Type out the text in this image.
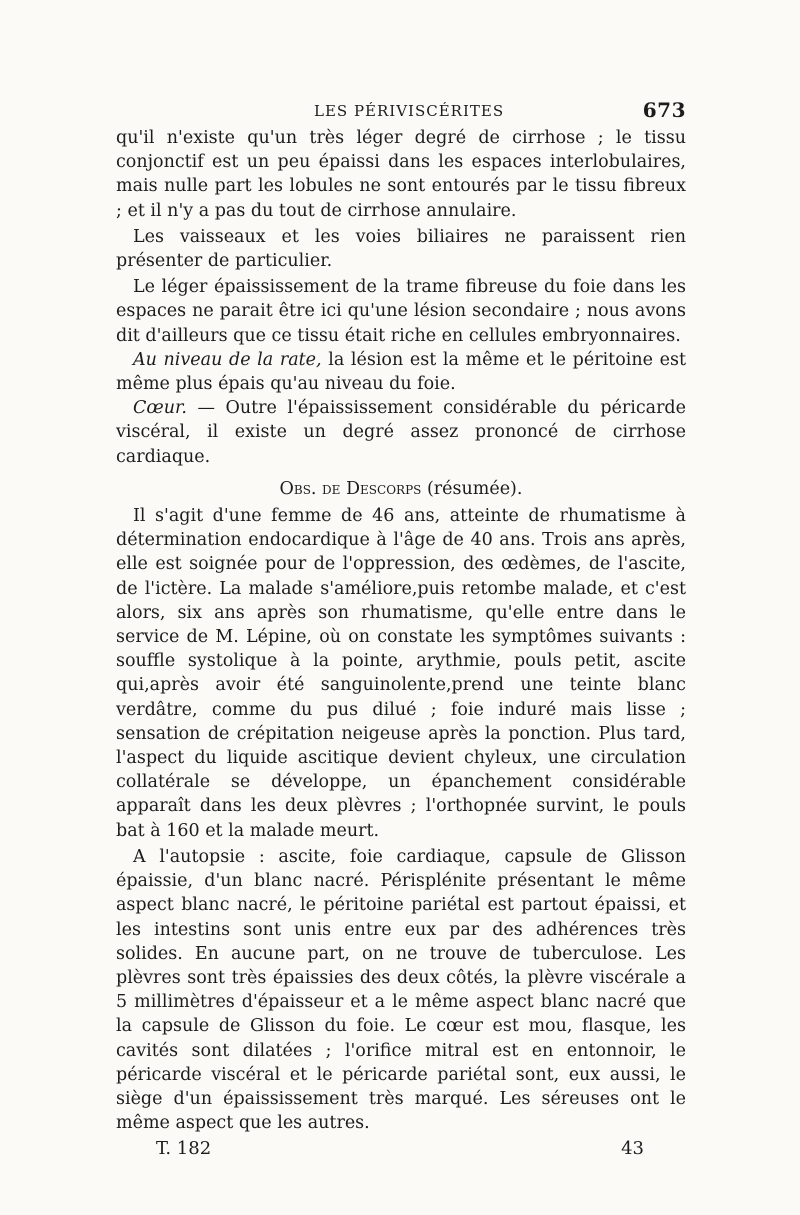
LES PÉRIVISCÉRITES	673

qu'il n'existe qu'un très léger degré de cirrhose ; le tissu conjonctif est un peu épaissi dans les espaces interlobulaires, mais nulle part les lobules ne sont entourés par le tissu fibreux ; et il n'y a pas du tout de cirrhose annulaire.

Les vaisseaux et les voies biliaires ne paraissent rien présenter de particulier.

Le léger épaississement de la trame fibreuse du foie dans les espaces ne parait être ici qu'une lésion secondaire ; nous avons dit d'ailleurs que ce tissu était riche en cellules embryonnaires.

Au niveau de la rate, la lésion est la même et le péritoine est même plus épais qu'au niveau du foie.

Cœur. — Outre l'épaississement considérable du péricarde viscéral, il existe un degré assez prononcé de cirrhose cardiaque.

Obs. de Descorps (résumée).

Il s'agit d'une femme de 46 ans, atteinte de rhumatisme à détermination endocardique à l'âge de 40 ans. Trois ans après, elle est soignée pour de l'oppression, des œdèmes, de l'ascite, de l'ictère. La malade s'améliore,puis retombe malade, et c'est alors, six ans après son rhumatisme, qu'elle entre dans le service de M. Lépine, où on constate les symptômes suivants : souffle systolique à la pointe, arythmie, pouls petit, ascite qui,après avoir été sanguinolente,prend une teinte blanc verdâtre, comme du pus dilué ; foie induré mais lisse ; sensation de crépitation neigeuse après la ponction. Plus tard, l'aspect du liquide ascitique devient chyleux, une circulation collatérale se développe, un épanchement considérable apparaît dans les deux plèvres ; l'orthopnée survint, le pouls bat à 160 et la malade meurt.

A l'autopsie : ascite, foie cardiaque, capsule de Glisson épaissie, d'un blanc nacré. Périsplénite présentant le même aspect blanc nacré, le péritoine pariétal est partout épaissi, et les intestins sont unis entre eux par des adhérences très solides. En aucune part, on ne trouve de tuberculose. Les plèvres sont très épaissies des deux côtés, la plèvre viscérale a 5 millimètres d'épaisseur et a le même aspect blanc nacré que la capsule de Glisson du foie. Le cœur est mou, flasque, les cavités sont dilatées ; l'orifice mitral est en entonnoir, le péricarde viscéral et le péricarde pariétal sont, eux aussi, le siège d'un épaississement très marqué. Les séreuses ont le même aspect que les autres.

T. 182	43
